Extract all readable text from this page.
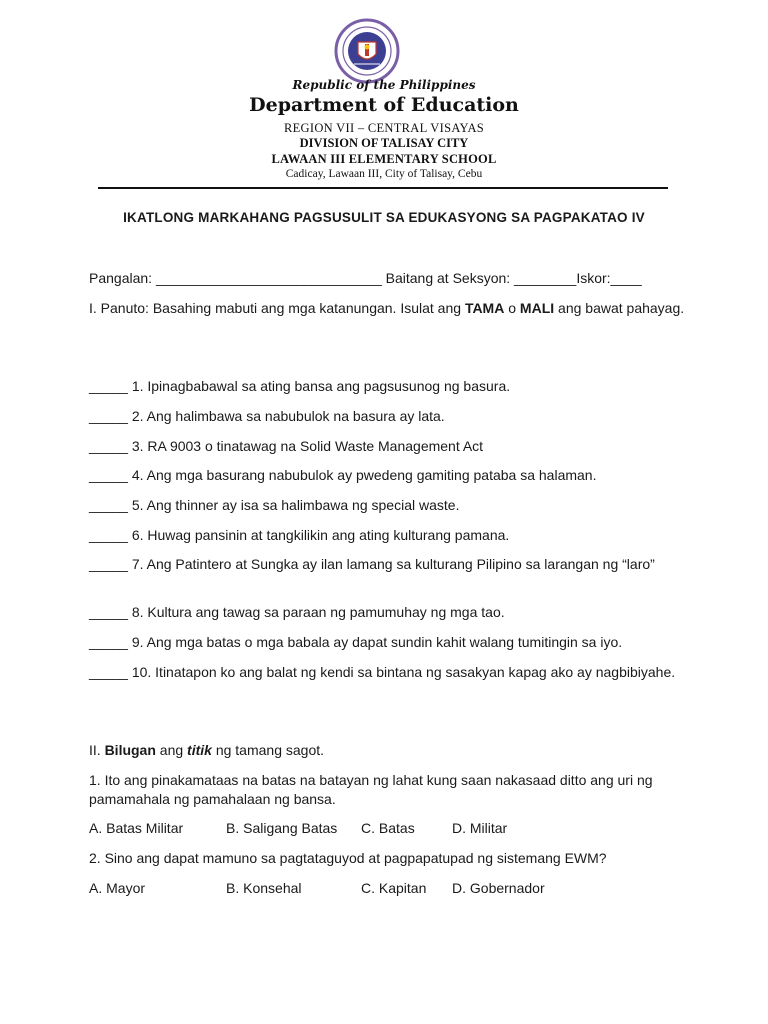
Republic of the Philippines
Department of Education
REGION VII – CENTRAL VISAYAS
DIVISION OF TALISAY CITY
LAWAAN III ELEMENTARY SCHOOL
Cadicay, Lawaan III, City of Talisay, Cebu
IKATLONG MARKAHANG PAGSUSULIT SA EDUKASYONG SA PAGPAKATAO IV
Pangalan: _____________________________ Baitang at Seksyon: ________Iskor:____
I. Panuto: Basahing mabuti ang mga katanungan. Isulat ang TAMA o MALI ang bawat pahayag.
_____ 1. Ipinagbabawal sa ating bansa ang pagsusunog ng basura.
_____ 2. Ang halimbawa sa nabubulok na basura ay lata.
_____ 3. RA 9003 o tinatawag na Solid Waste Management Act
_____ 4. Ang mga basurang nabubulok ay pwedeng gamiting pataba sa halaman.
_____ 5. Ang thinner ay isa sa halimbawa ng special waste.
_____ 6. Huwag pansinin at tangkilikin ang ating kulturang pamana.
_____ 7. Ang Patintero at Sungka ay ilan lamang sa kulturang Pilipino sa larangan ng “laro”
_____ 8. Kultura ang tawag sa paraan ng pamumuhay ng mga tao.
_____ 9. Ang mga batas o mga babala ay dapat sundin kahit walang tumitingin sa iyo.
_____ 10. Itinatapon ko ang balat ng kendi sa bintana ng sasakyan kapag ako ay nagbibiyahe.
II. Bilugan ang titik ng tamang sagot.
1. Ito ang pinakamataas na batas na batayan ng lahat kung saan nakasaad ditto ang uri ng pamamahala ng pamahalaan ng bansa.
A. Batas Militar	B. Saligang Batas C. Batas	D. Militar
2. Sino ang dapat mamuno sa pagtataguyod at pagpapatupad ng sistemang EWM?
A. Mayor	B. Konsehal	C. Kapitan D. Gobernador
